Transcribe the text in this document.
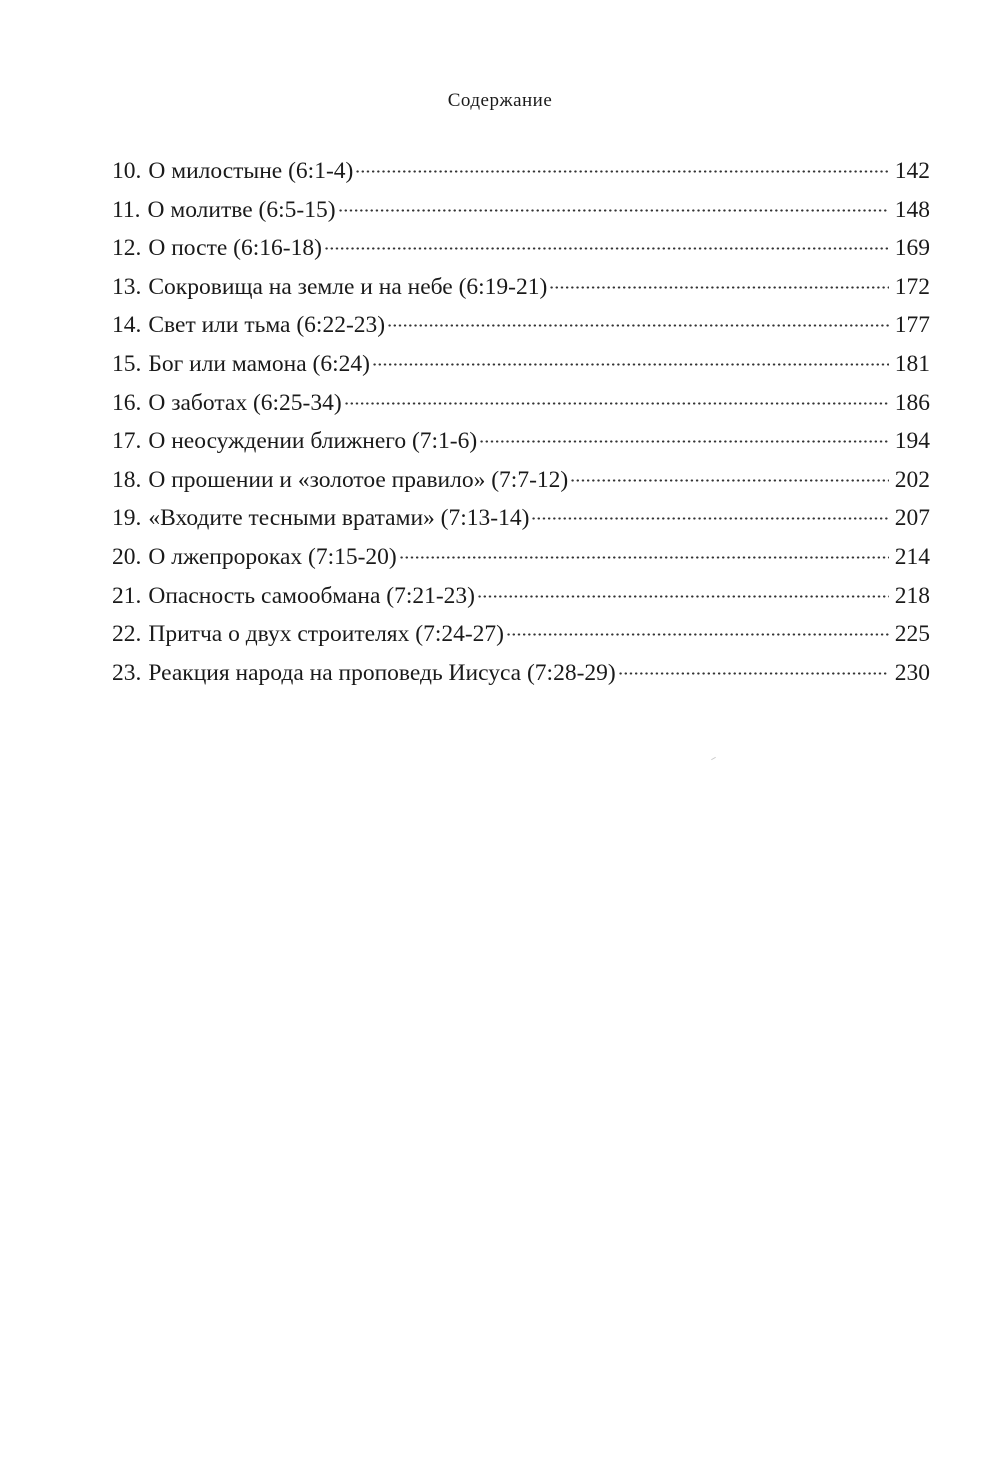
Содержание
10. О милостыне (6:1-4)	142
11. О молитве (6:5-15)	148
12. О посте (6:16-18)	169
13. Сокровища на земле и на небе (6:19-21)	172
14. Свет или тьма (6:22-23)	177
15. Бог или мамона (6:24)	181
16. О заботах (6:25-34)	186
17. О неосуждении ближнего (7:1-6)	194
18. О прошении и «золотое правило» (7:7-12)	202
19. «Входите тесными вратами» (7:13-14)	207
20. О лжепророках (7:15-20)	214
21. Опасность самообмана (7:21-23)	218
22. Притча о двух строителях (7:24-27)	225
23. Реакция народа на проповедь Иисуса (7:28-29)	230
